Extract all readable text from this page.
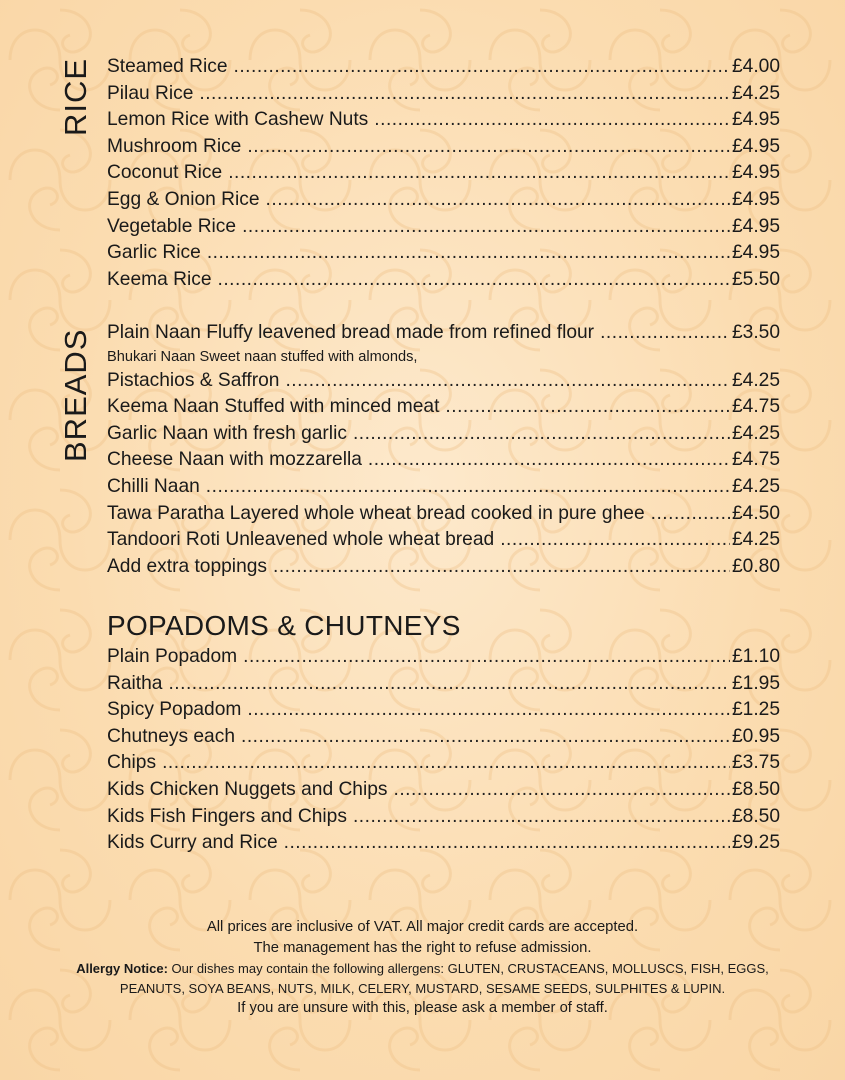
RICE
BREADS
Steamed Rice .....	£4.00
Pilau Rice .....	£4.25
Lemon Rice with Cashew Nuts .....	£4.95
Mushroom Rice .....	£4.95
Coconut Rice .....	£4.95
Egg & Onion Rice .....	£4.95
Vegetable Rice .....	£4.95
Garlic Rice .....	£4.95
Keema Rice .....	£5.50
Plain Naan Fluffy leavened bread made from refined flour .....	£3.50
Bhukari Naan Sweet naan stuffed with almonds,
Pistachios & Saffron .....	£4.25
Keema Naan Stuffed with minced meat .....	£4.75
Garlic Naan with fresh garlic .....	£4.25
Cheese Naan with mozzarella .....	£4.75
Chilli Naan .....	£4.25
Tawa Paratha Layered whole wheat bread cooked in pure ghee .....	£4.50
Tandoori Roti Unleavened whole wheat bread .....	£4.25
Add extra toppings .....	£0.80
POPADOMS & CHUTNEYS
Plain Popadom .....	£1.10
Raitha .....	£1.95
Spicy Popadom .....	£1.25
Chutneys each .....	£0.95
Chips .....	£3.75
Kids Chicken Nuggets and Chips .....	£8.50
Kids Fish Fingers and Chips .....	£8.50
Kids Curry and Rice .....	£9.25
All prices are inclusive of VAT. All major credit cards are accepted.
The management has the right to refuse admission.
Allergy Notice: Our dishes may contain the following allergens: GLUTEN, CRUSTACEANS, MOLLUSCS, FISH, EGGS, PEANUTS, SOYA BEANS, NUTS, MILK, CELERY, MUSTARD, SESAME SEEDS, SULPHITES & LUPIN.
If you are unsure with this, please ask a member of staff.
